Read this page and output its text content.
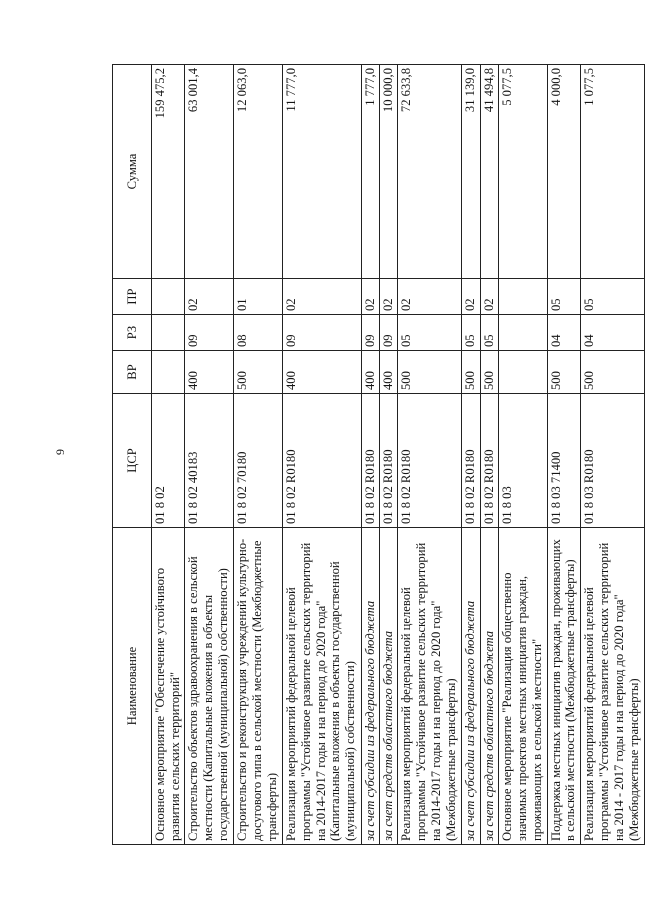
9
Наименование	ЦСР	ВР	РЗ	ПР	Сумма
Основное мероприятие "Обеспечение устойчивого развития сельских территорий"	01 8 02				159 475,2
Строительство объектов здравоохранения в сельской местности (Капитальные вложения в объекты государственной (муниципальной) собственности)	01 8 02 40183	400	09	02	63 001,4
Строительство и реконструкция учреждений культурно-досугового типа в сельской местности (Межбюджетные трансферты)	01 8 02 70180	500	08	01	12 063,0
Реализация мероприятий федеральной целевой программы "Устойчивое развитие сельских территорий на 2014-2017 годы и на период до 2020 года" (Капитальные вложения в объекты государственной (муниципальной) собственности)	01 8 02 R0180	400	09	02	11 777,0
за счет субсидии из федерального бюджета	01 8 02 R0180	400	09	02	1 777,0
за счет средств областного бюджета	01 8 02 R0180	400	09	02	10 000,0
Реализация мероприятий федеральной целевой программы "Устойчивое развитие сельских территорий на 2014-2017 годы и на период до 2020 года" (Межбюджетные трансферты)	01 8 02 R0180	500	05	02	72 633,8
за счет субсидии из федерального бюджета	01 8 02 R0180	500	05	02	31 139,0
за счет средств областного бюджета	01 8 02 R0180	500	05	02	41 494,8
Основное мероприятие "Реализация общественно значимых проектов местных инициатив граждан, проживающих в сельской местности"	01 8 03				5 077,5
Поддержка местных инициатив граждан, проживающих в сельской местности (Межбюджетные трансферты)	01 8 03 71400	500	04	05	4 000,0
Реализация мероприятий федеральной целевой программы "Устойчивое развитие сельских территорий на 2014 - 2017 годы и на период до 2020 года" (Межбюджетные трансферты)	01 8 03 R0180	500	04	05	1 077,5
